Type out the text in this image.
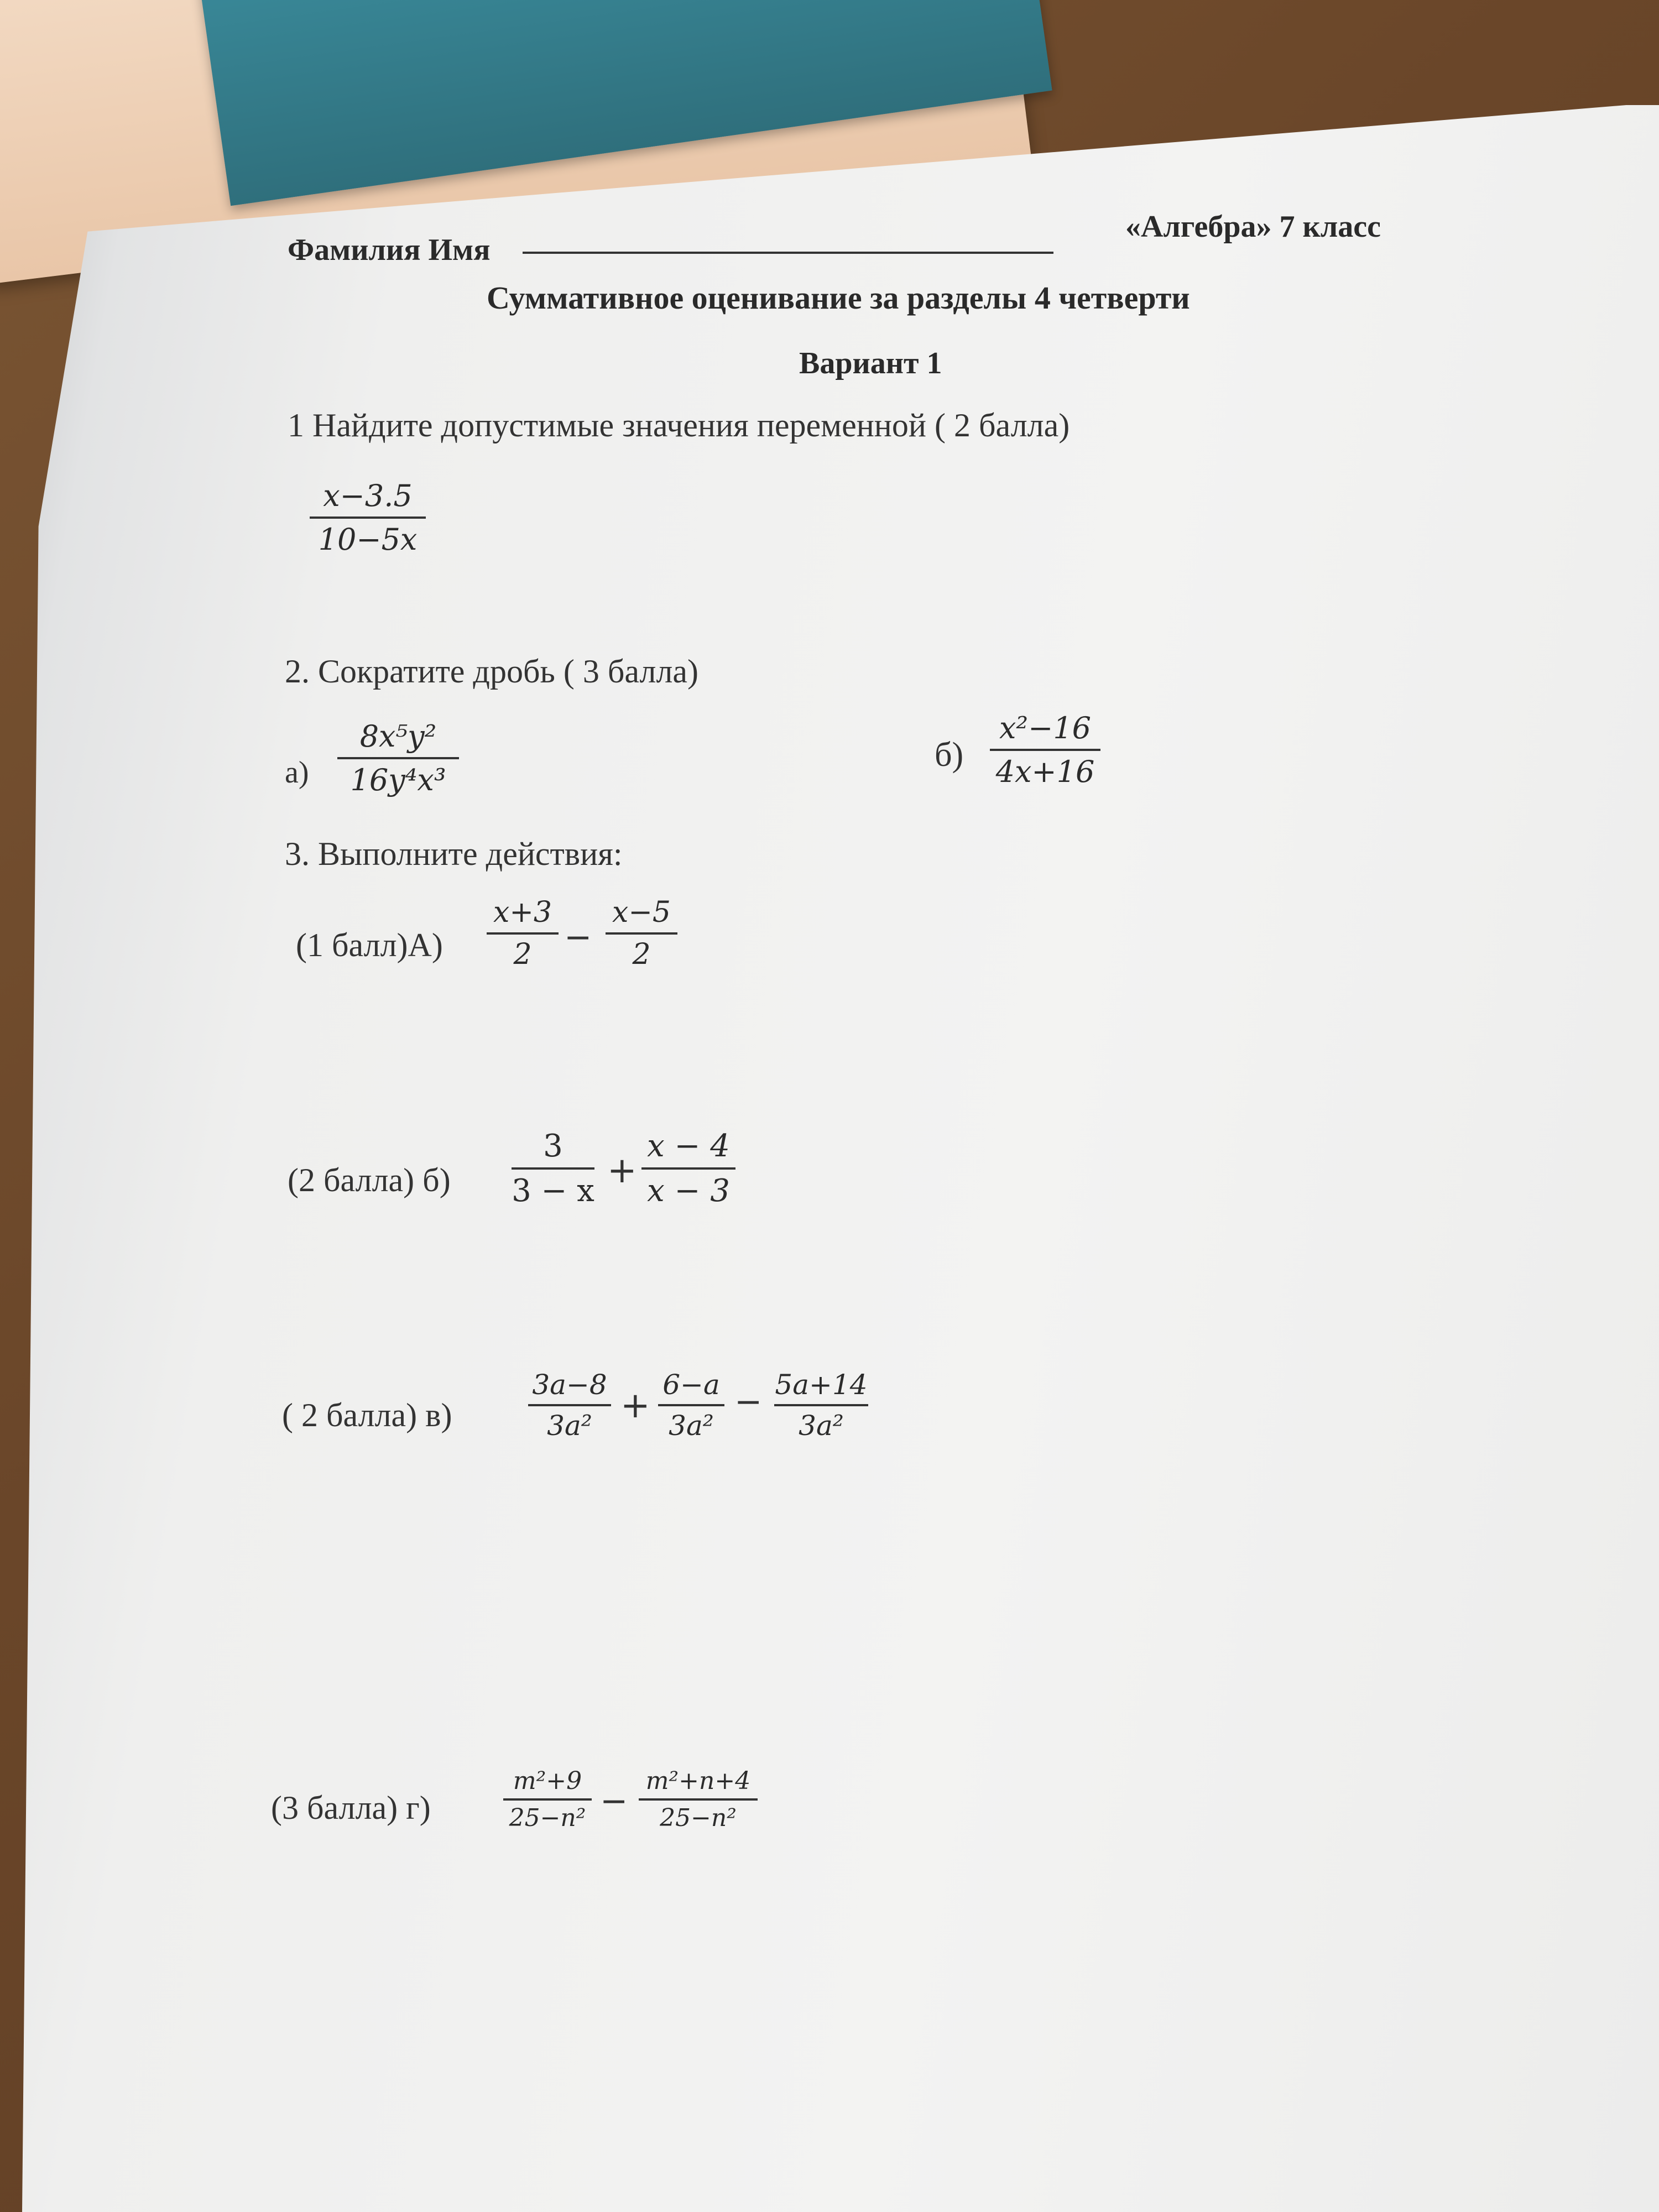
Фамилия Имя
«Алгебра» 7 класс
Суммативное оценивание за разделы 4 четверти
Вариант 1
1 Найдите допустимые значения переменной ( 2 балла)
x−3.5
10−5x
2. Сократите дробь ( 3 балла)
а)
8x⁵y²
16y⁴x³
б)
x²−16
4x+16
3. Выполните действия:
(1 балл)А)
x+3
2 −
x−5
2
(2 балла) б)
3
3 − x +
x − 4
x − 3
( 2 балла) в)
3a−8
3a² +
6−a
3a²
− 5a+14
3a²
(3 балла) г)
m²+9
25−n² −
m²+n+4
25−n²
